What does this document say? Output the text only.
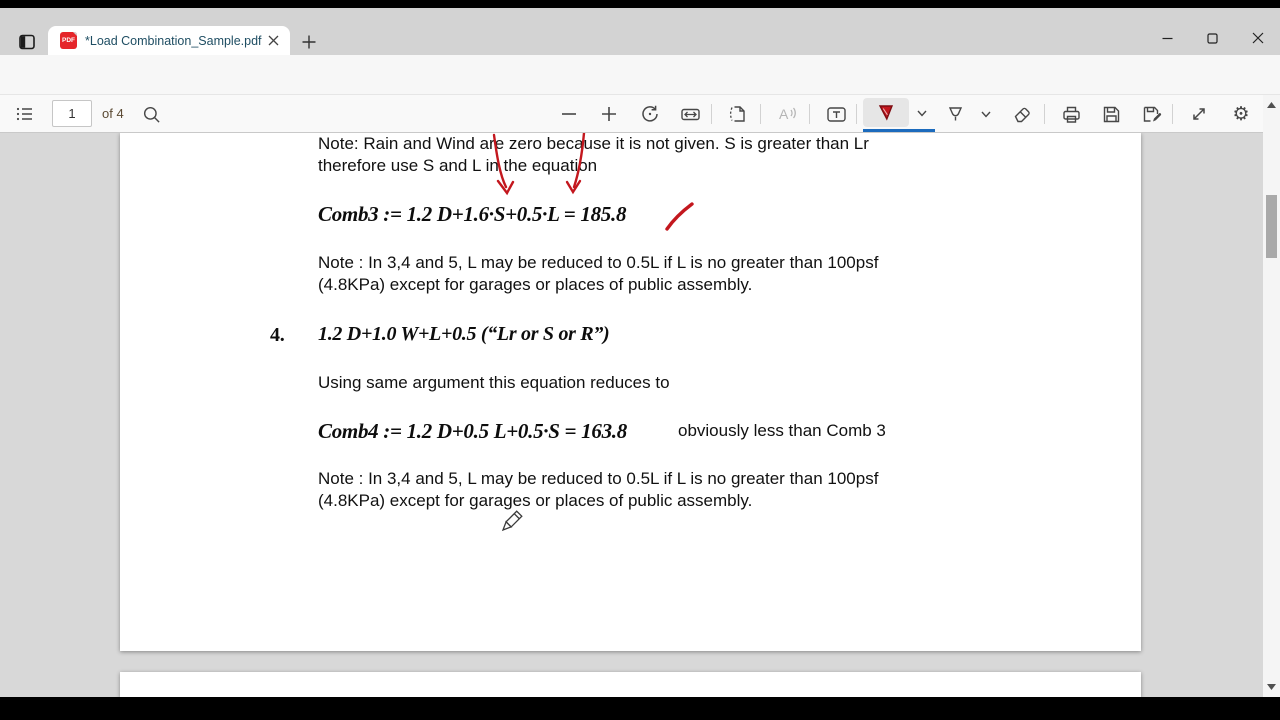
PDF *Load Combination_Sample.pdf
1
of 4	A	⚙
Note: Rain and Wind are zero because it is not given. S is greater than Lr
therefore use S and L in the equation
Comb3 := 1.2 D+1.6·S+0.5·L = 185.8
Note : In 3,4 and 5, L may be reduced to 0.5L if L is no greater than 100psf
(4.8KPa) except for garages or places of public assembly.
4. 1.2 D+1.0 W+L+0.5 (“Lr or S or R”)
Using same argument this equation reduces to
Comb4 := 1.2 D+0.5 L+0.5·S = 163.8	obviously less than Comb 3
Note : In 3,4 and 5, L may be reduced to 0.5L if L is no greater than 100psf
(4.8KPa) except for garages or places of public assembly.
